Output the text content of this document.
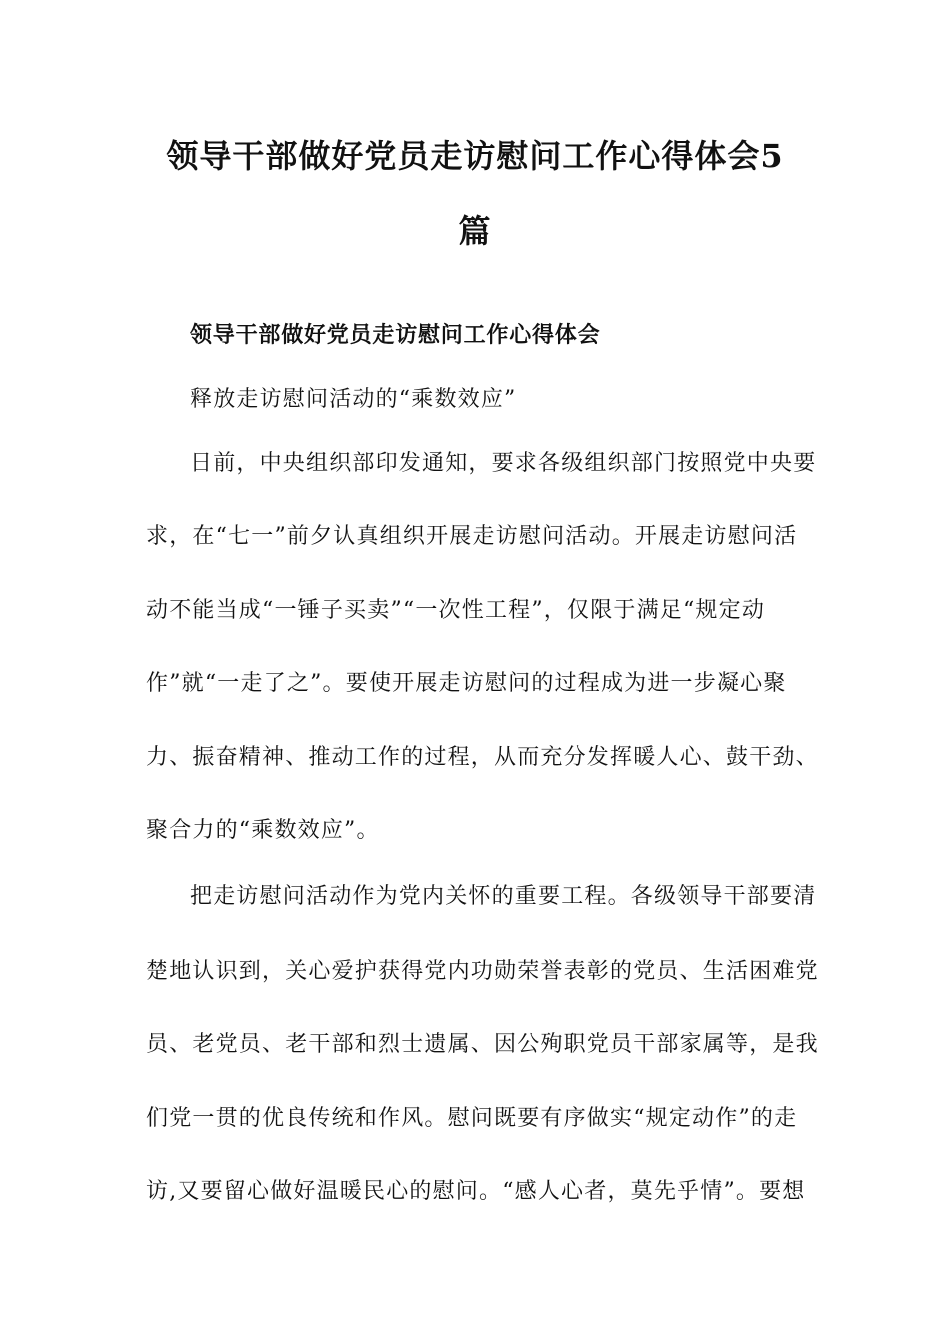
领导干部做好党员走访慰问工作心得体会5
篇
领导干部做好党员走访慰问工作心得体会
释放走访慰问活动的“乘数效应”
日前，中央组织部印发通知，要求各级组织部门按照党中央要
求，在“七一”前夕认真组织开展走访慰问活动。开展走访慰问活
动不能当成“一锤子买卖”“一次性工程”，仅限于满足“规定动
作”就“一走了之”。要使开展走访慰问的过程成为进一步凝心聚
力、振奋精神、推动工作的过程，从而充分发挥暖人心、鼓干劲、
聚合力的“乘数效应”。
把走访慰问活动作为党内关怀的重要工程。各级领导干部要清
楚地认识到，关心爱护获得党内功勋荣誉表彰的党员、生活困难党
员、老党员、老干部和烈士遗属、因公殉职党员干部家属等，是我
们党一贯的优良传统和作风。慰问既要有序做实“规定动作”的走
访,又要留心做好温暖民心的慰问。“感人心者，莫先乎情”。要想
